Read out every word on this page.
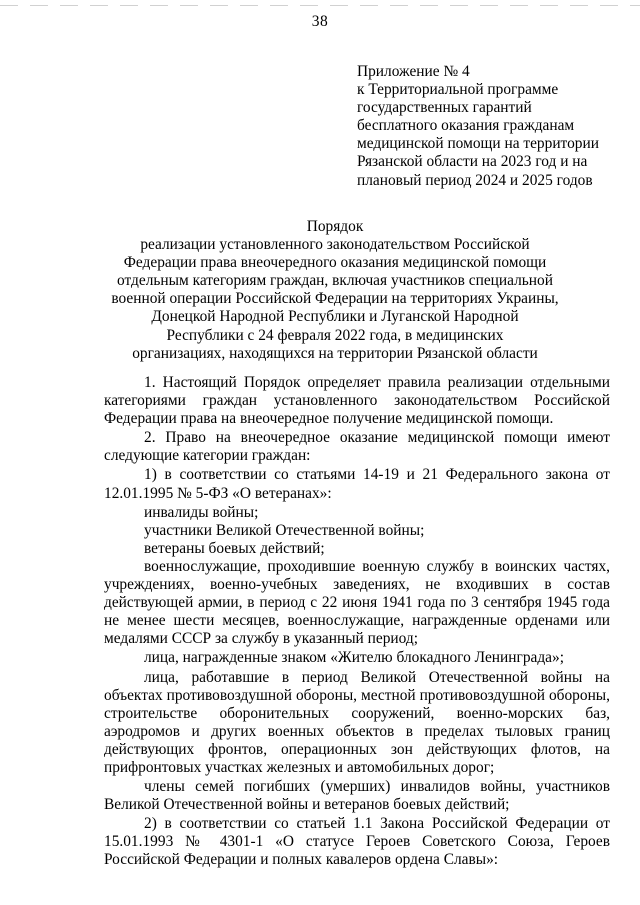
38
Приложение № 4
к Территориальной программе
государственных гарантий
бесплатного оказания гражданам
медицинской помощи на территории
Рязанской области на 2023 год и на
плановый период 2024 и 2025 годов
Порядок
реализации установленного законодательством Российской
Федерации права внеочередного оказания медицинской помощи
отдельным категориям граждан, включая участников специальной
военной операции Российской Федерации на территориях Украины,
Донецкой Народной Республики и Луганской Народной
Республики с 24 февраля 2022 года, в медицинских
организациях, находящихся на территории Рязанской области

1. Настоящий Порядок определяет правила реализации отдельными категориями граждан установленного законодательством Российской Федерации права на внеочередное получение медицинской помощи.

2. Право на внеочередное оказание медицинской помощи имеют следующие категории граждан:

1) в соответствии со статьями 14-19 и 21 Федерального закона от 12.01.1995 № 5-ФЗ «О ветеранах»:

инвалиды войны;

участники Великой Отечественной войны;

ветераны боевых действий;

военнослужащие, проходившие военную службу в воинских частях, учреждениях, военно-учебных заведениях, не входивших в состав действующей армии, в период с 22 июня 1941 года по 3 сентября 1945 года не менее шести месяцев, военнослужащие, награжденные орденами или медалями СССР за службу в указанный период;

лица, награжденные знаком «Жителю блокадного Ленинграда»;

лица, работавшие в период Великой Отечественной войны на объектах противовоздушной обороны, местной противовоздушной обороны, строительстве оборонительных сооружений, военно-морских баз, аэродромов и других военных объектов в пределах тыловых границ действующих фронтов, операционных зон действующих флотов, на прифронтовых участках железных и автомобильных дорог;

члены семей погибших (умерших) инвалидов войны, участников Великой Отечественной войны и ветеранов боевых действий;

2) в соответствии со статьей 1.1 Закона Российской Федерации от 15.01.1993 № 4301-1 «О статусе Героев Советского Союза, Героев Российской Федерации и полных кавалеров ордена Славы»:
